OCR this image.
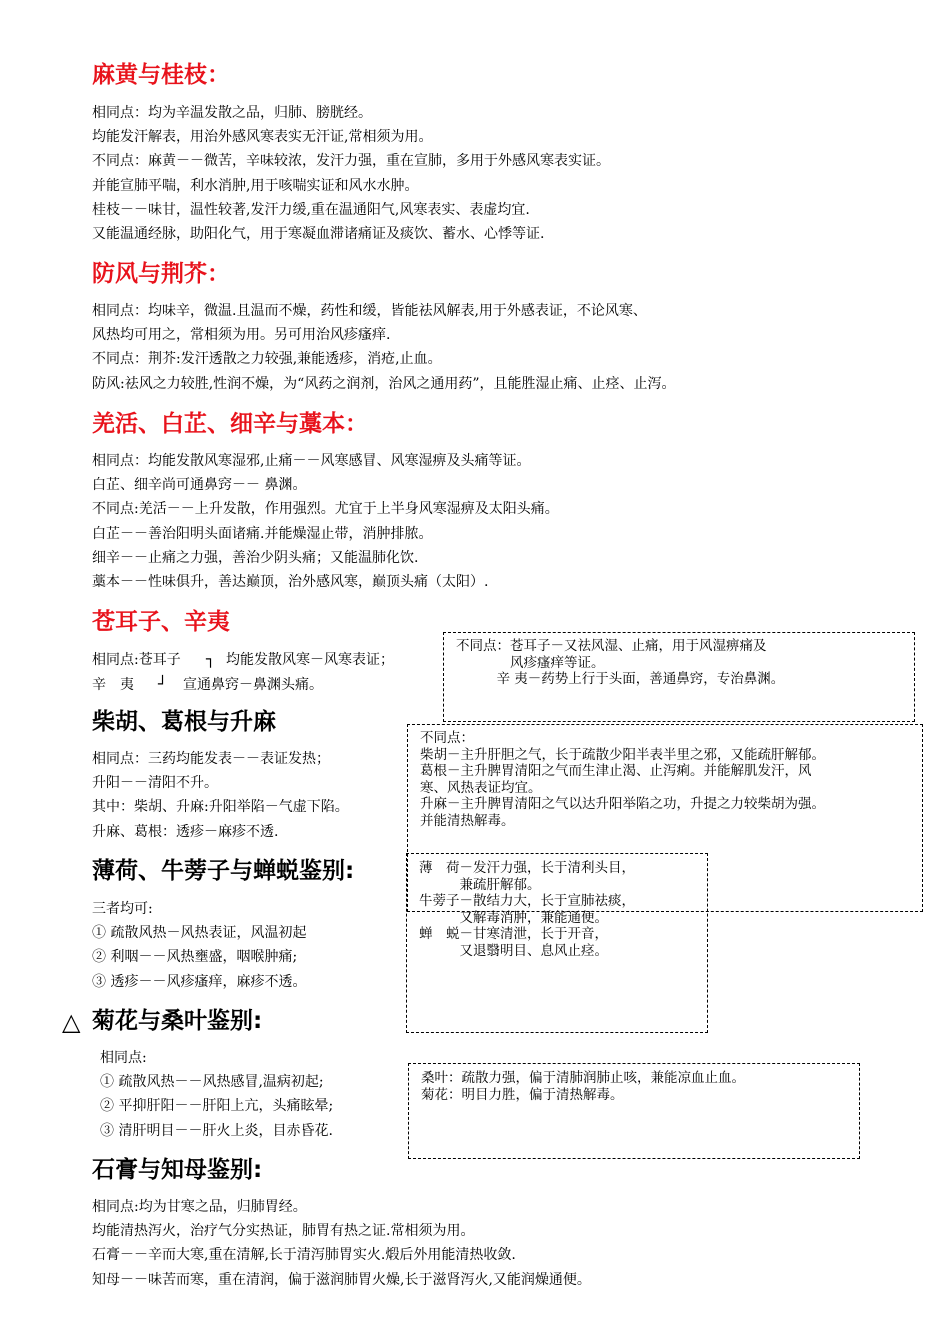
麻黄与桂枝：
相同点：均为辛温发散之品，归肺、膀胱经。
均能发汗解表，用治外感风寒表实无汗证,常相须为用。
不同点：麻黄－－微苦，辛味较浓，发汗力强，重在宣肺，多用于外感风寒表实证。
并能宣肺平喘，利水消肿,用于咳喘实证和风水水肿。
桂枝－－味甘，温性较著,发汗力缓,重在温通阳气,风寒表实、表虚均宜.
又能温通经脉，助阳化气，用于寒凝血滞诸痛证及痰饮、蓄水、心悸等证.
防风与荆芥：
相同点：均味辛，微温.且温而不燥，药性和缓，皆能祛风解表,用于外感表证，不论风寒、
风热均可用之，常相须为用。另可用治风疹瘙痒.
不同点：荆芥:发汗透散之力较强,兼能透疹，消疮,止血。
防风:祛风之力较胜,性润不燥，为“风药之润剂，治风之通用药”，且能胜湿止痛、止痉、止泻。
羌活、白芷、细辛与藁本：
相同点：均能发散风寒湿邪,止痛－－风寒感冒、风寒湿痹及头痛等证。
白芷、细辛尚可通鼻窍－－ 鼻渊。
不同点:羌活－－上升发散，作用强烈。尤宜于上半身风寒湿痹及太阳头痛。
白芷－－善治阳明头面诸痛.并能燥湿止带，消肿排脓。
细辛－－止痛之力强，善治少阴头痛；又能温肺化饮.
藁本－－性味俱升，善达巅顶，治外感风寒，巅顶头痛（太阳）.
苍耳子、辛夷
相同点:苍耳子 ┐ 均能发散风寒－风寒表证；
辛　夷 ┘ 宣通鼻窍－鼻渊头痛。
不同点：苍耳子－又祛风湿、止痛，用于风湿痹痛及
　　　　风疹瘙痒等证。
　　　辛 夷－药势上行于头面，善通鼻窍，专治鼻渊。
柴胡、葛根与升麻
相同点：三药均能发表－－表证发热；
升阳－－清阳不升。
其中：柴胡、升麻:升阳举陷－气虚下陷。
升麻、葛根：透疹－麻疹不透.
不同点：
柴胡－主升肝胆之气，长于疏散少阳半表半里之邪，又能疏肝解郁。
葛根－主升脾胃清阳之气而生津止渴、止泻痢。并能解肌发汗，风
寒、风热表证均宜。
升麻－主升脾胃清阳之气以达升阳举陷之功，升提之力较柴胡为强。
并能清热解毒。
薄荷、牛蒡子与蝉蜕鉴别:
三者均可:
① 疏散风热－风热表证，风温初起
② 利咽－－风热壅盛，咽喉肿痛;
③ 透疹－－风疹瘙痒，麻疹不透。
薄　荷－发汗力强，长于清利头目，
　　　兼疏肝解郁。
牛蒡子－散结力大，长于宣肺祛痰，
　　　又解毒消肿，兼能通便。
蝉　蜕－甘寒清泄，长于开音，
　　　又退翳明目、息风止痉。
△ 菊花与桑叶鉴别:
相同点:
① 疏散风热－－风热感冒,温病初起;
② 平抑肝阳－－肝阳上亢，头痛眩晕;
③ 清肝明目－－肝火上炎，目赤昏花.
桑叶：疏散力强，偏于清肺润肺止咳，兼能凉血止血。
菊花：明目力胜，偏于清热解毒。
石膏与知母鉴别:
相同点:均为甘寒之品，归肺胃经。
均能清热泻火，治疗气分实热证，肺胃有热之证.常相须为用。
石膏－－辛而大寒,重在清解,长于清泻肺胃实火.煅后外用能清热收敛.
知母－－味苦而寒，重在清润，偏于滋润肺胃火燥,长于滋肾泻火,又能润燥通便。
